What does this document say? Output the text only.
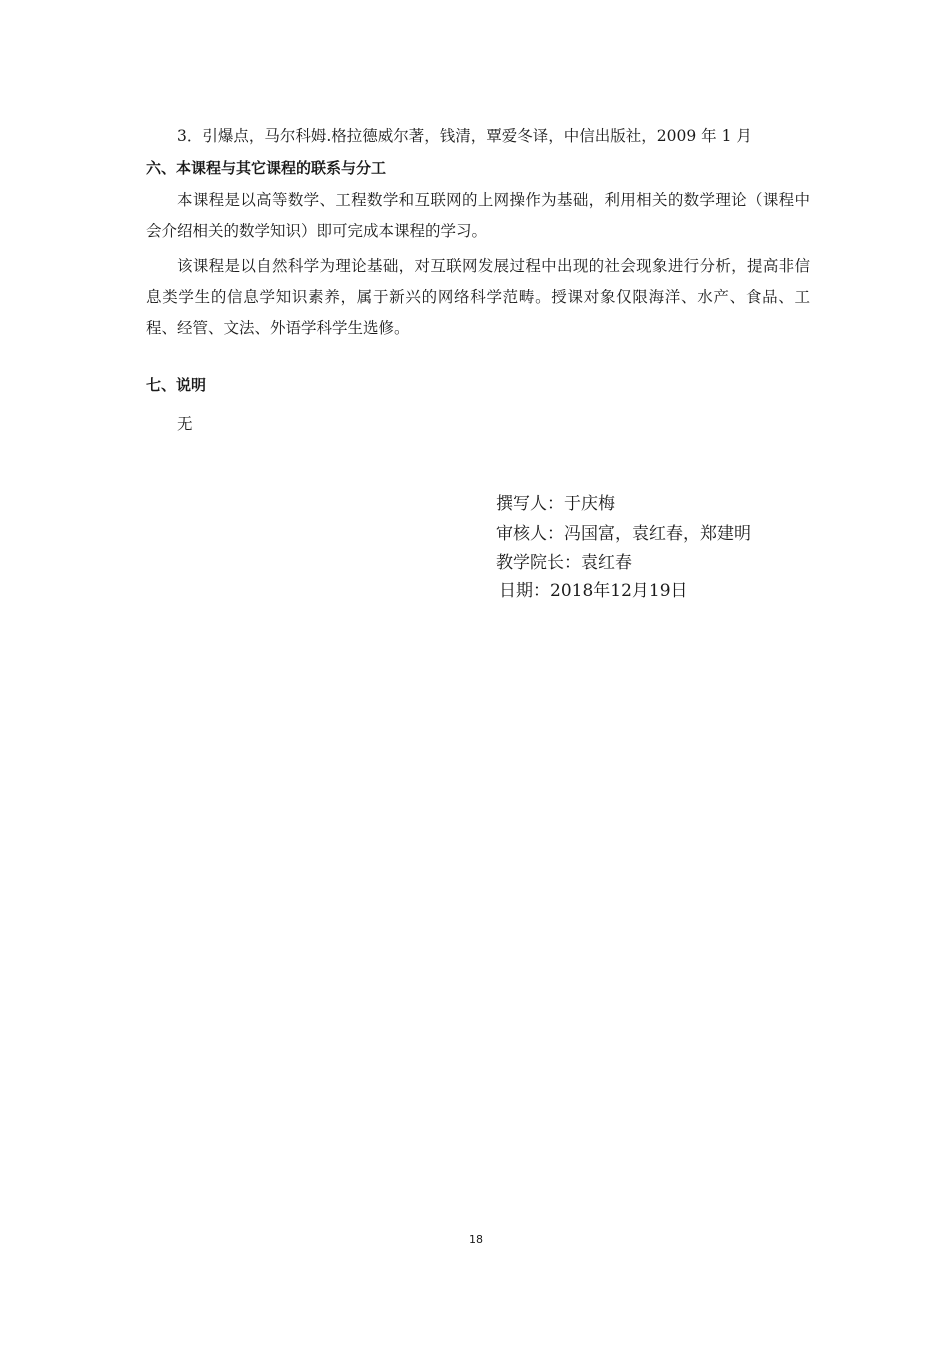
3．引爆点，马尔科姆.格拉德威尔著，钱清，覃爱冬译，中信出版社，2009 年 1 月
六、本课程与其它课程的联系与分工
本课程是以高等数学、工程数学和互联网的上网操作为基础，利用相关的数学理论（课程中会介绍相关的数学知识）即可完成本课程的学习。
该课程是以自然科学为理论基础，对互联网发展过程中出现的社会现象进行分析，提高非信息类学生的信息学知识素养，属于新兴的网络科学范畴。授课对象仅限海洋、水产、食品、工程、经管、文法、外语学科学生选修。
七、说明
无
撰写人：于庆梅
审核人：冯国富，袁红春，郑建明
教学院长：袁红春
日期：2018年12月19日
18
